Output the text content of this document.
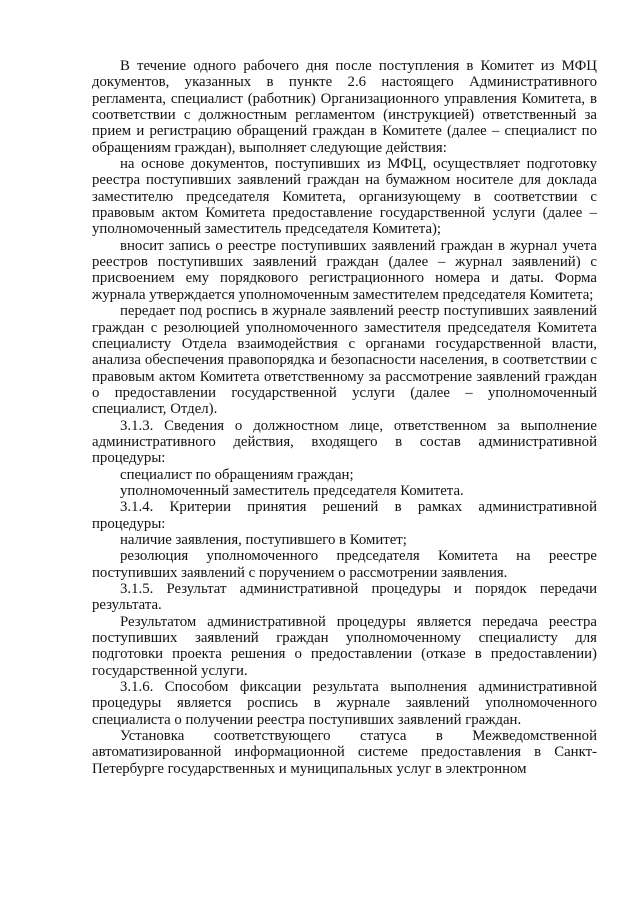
В течение одного рабочего дня после поступления в Комитет из МФЦ документов, указанных в пункте 2.6 настоящего Административного регламента, специалист (работник) Организационного управления Комитета, в соответствии с должностным регламентом (инструкцией) ответственный за прием и регистрацию обращений граждан в Комитете (далее – специалист по обращениям граждан), выполняет следующие действия:

на основе документов, поступивших из МФЦ, осуществляет подготовку реестра поступивших заявлений граждан на бумажном носителе для доклада заместителю председателя Комитета, организующему в соответствии с правовым актом Комитета предоставление государственной услуги (далее – уполномоченный заместитель председателя Комитета);

вносит запись о реестре поступивших заявлений граждан в журнал учета реестров поступивших заявлений граждан (далее – журнал заявлений) с присвоением ему порядкового регистрационного номера и даты. Форма журнала утверждается уполномоченным заместителем председателя Комитета;

передает под роспись в журнале заявлений реестр поступивших заявлений граждан с резолюцией уполномоченного заместителя председателя Комитета специалисту Отдела взаимодействия с органами государственной власти, анализа обеспечения правопорядка и безопасности населения, в соответствии с правовым актом Комитета ответственному за рассмотрение заявлений граждан о предоставлении государственной услуги (далее – уполномоченный специалист, Отдел).

3.1.3. Сведения о должностном лице, ответственном за выполнение административного действия, входящего в состав административной процедуры:

специалист по обращениям граждан;

уполномоченный заместитель председателя Комитета.

3.1.4. Критерии принятия решений в рамках административной процедуры:

наличие заявления, поступившего в Комитет;

резолюция уполномоченного председателя Комитета на реестре поступивших заявлений с поручением о рассмотрении заявления.

3.1.5. Результат административной процедуры и порядок передачи результата.

Результатом административной процедуры является передача реестра поступивших заявлений граждан уполномоченному специалисту для подготовки проекта решения о предоставлении (отказе в предоставлении) государственной услуги.

3.1.6. Способом фиксации результата выполнения административной процедуры является роспись в журнале заявлений уполномоченного специалиста о получении реестра поступивших заявлений граждан.

Установка соответствующего статуса в Межведомственной автоматизированной информационной системе предоставления в Санкт-Петербурге государственных и муниципальных услуг в электронном
